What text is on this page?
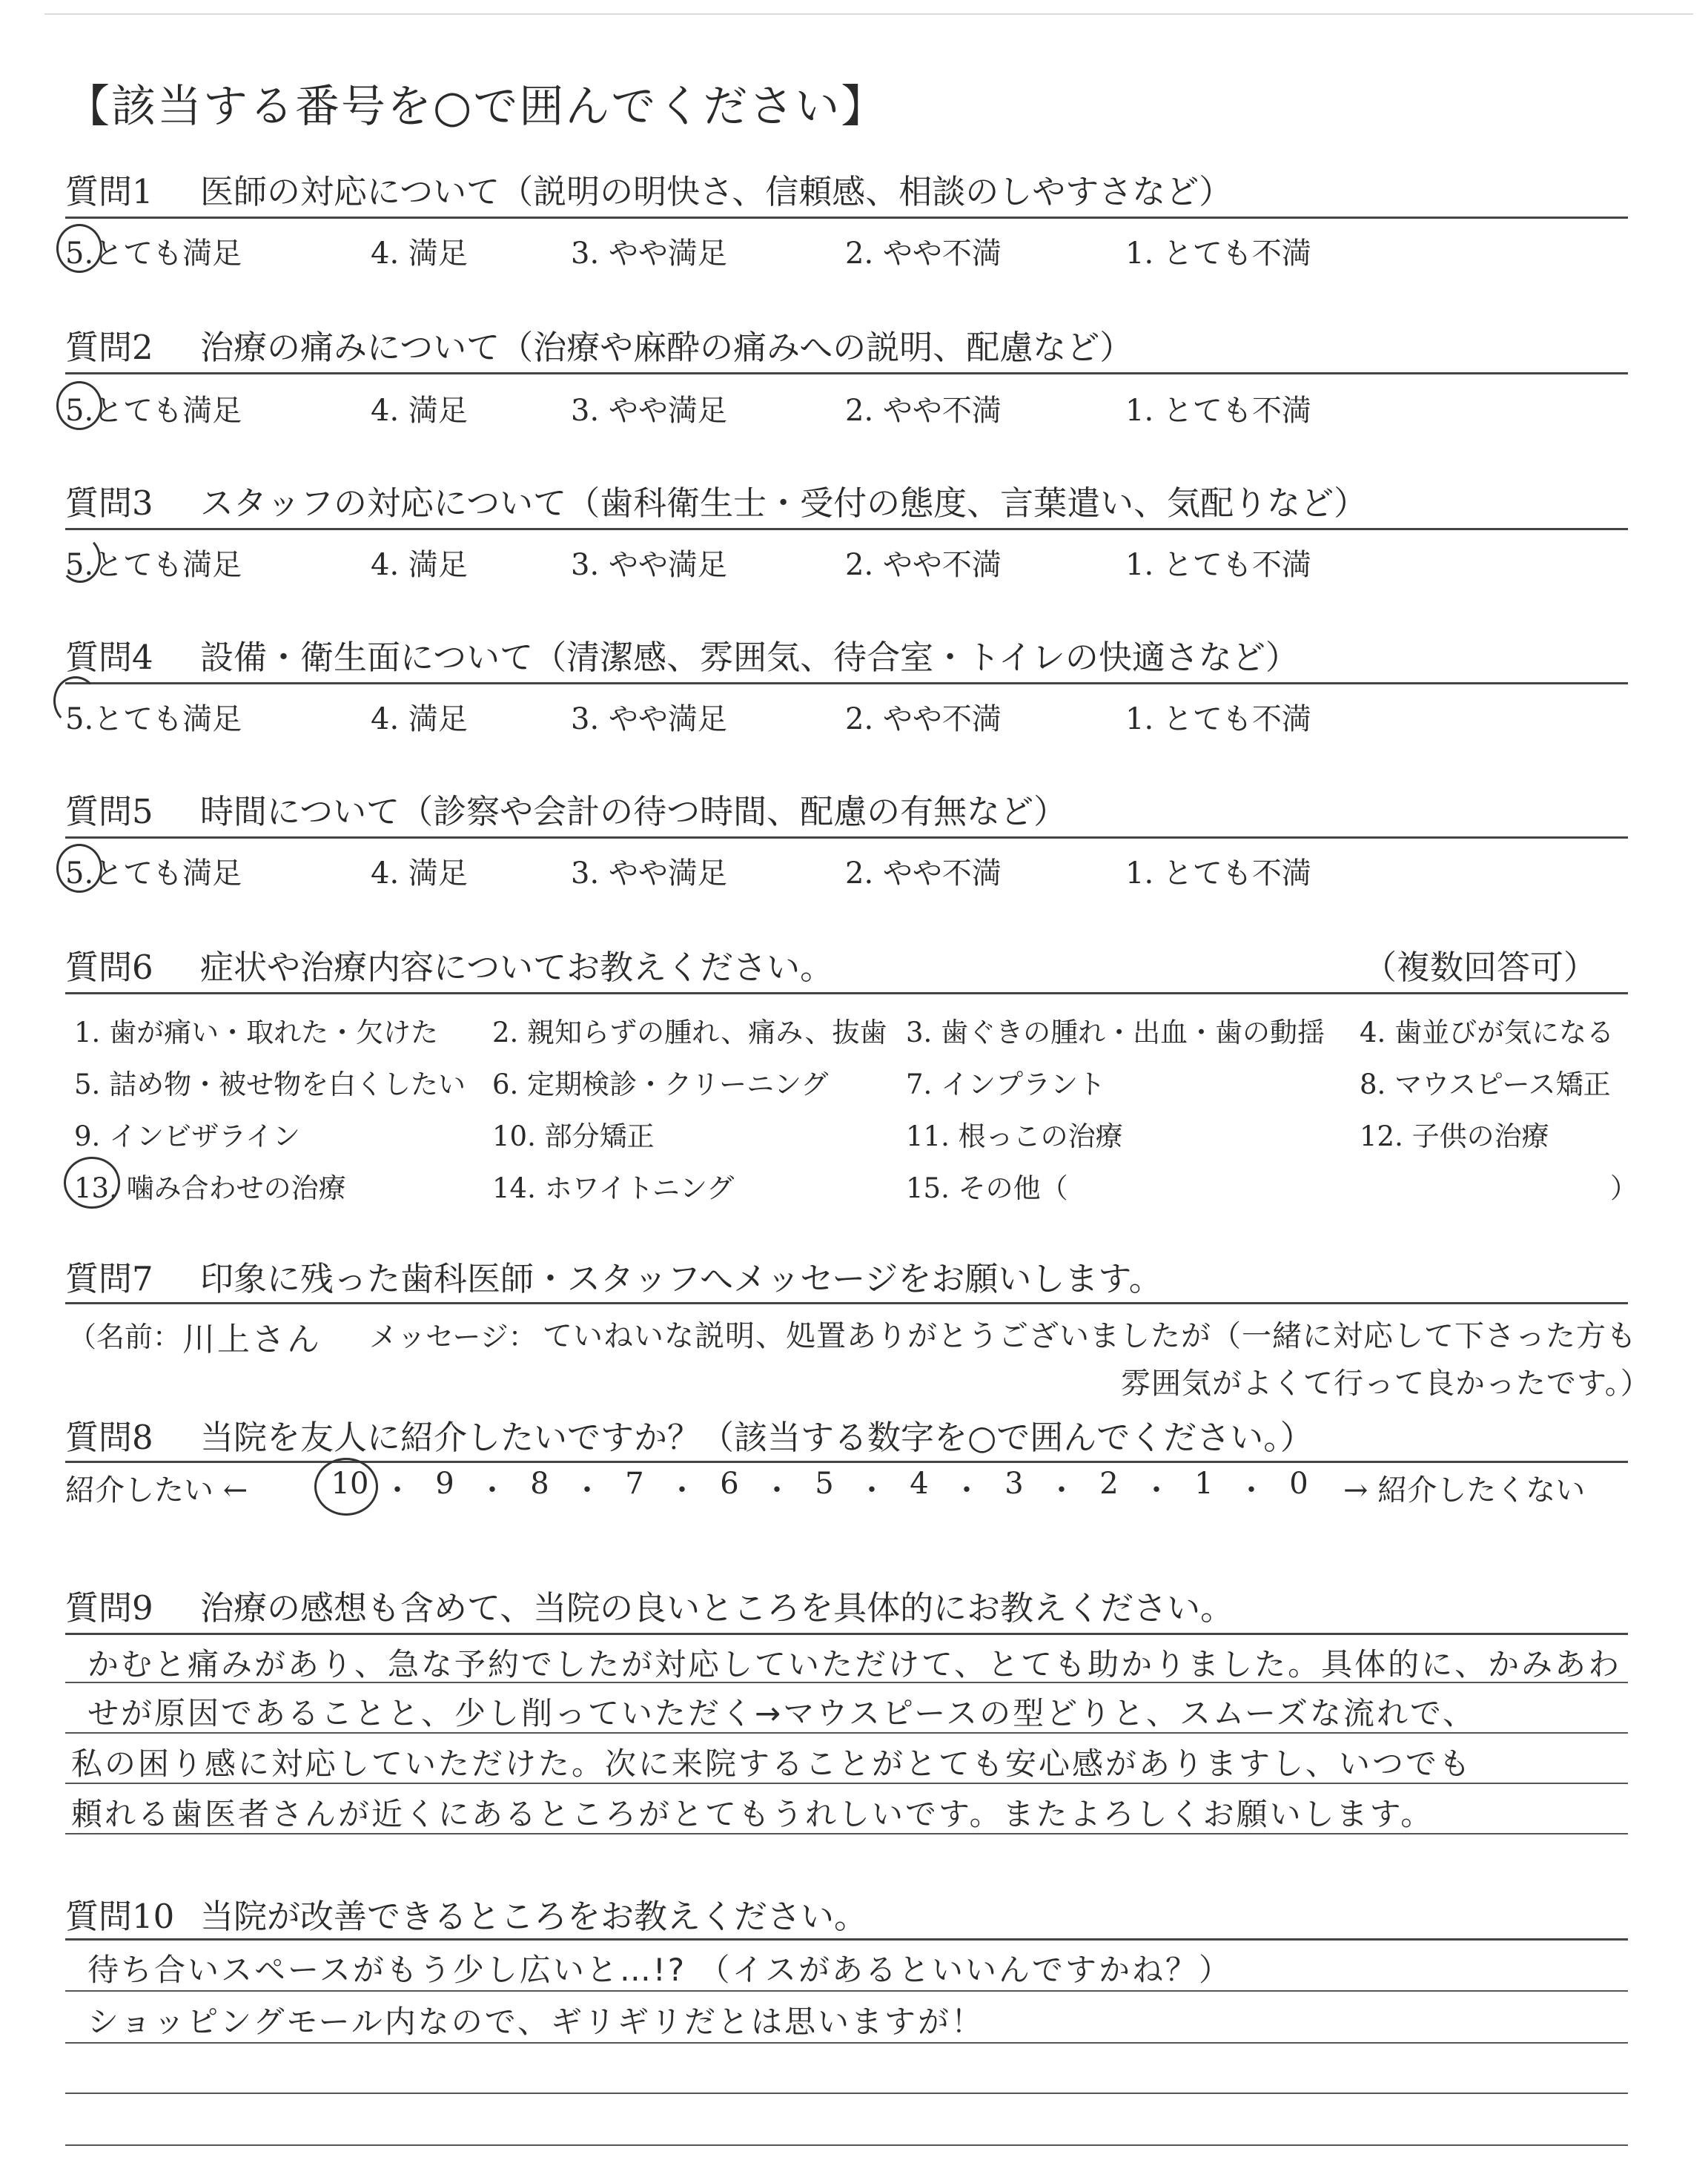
【該当する番号を○で囲んでください】
質問1 医師の対応について（説明の明快さ、信頼感、相談のしやすさなど）
5.とても満足	4. 満足	3. やや満足	2. やや不満	1. とても不満
質問2 治療の痛みについて（治療や麻酔の痛みへの説明、配慮など）
5.とても満足	4. 満足	3. やや満足	2. やや不満	1. とても不満
質問3 スタッフの対応について（歯科衛生士・受付の態度、言葉遣い、気配りなど）
5.とても満足	4. 満足	3. やや満足	2. やや不満	1. とても不満
質問4 設備・衛生面について（清潔感、雰囲気、待合室・トイレの快適さなど）
5.とても満足	4. 満足	3. やや満足	2. やや不満	1. とても不満
質問5 時間について（診察や会計の待つ時間、配慮の有無など）
5.とても満足	4. 満足	3. やや満足	2. やや不満	1. とても不満
質問6 症状や治療内容についてお教えください。	（複数回答可）
1. 歯が痛い・取れた・欠けた 2. 親知らずの腫れ、痛み、抜歯 3. 歯ぐきの腫れ・出血・歯の動揺 4. 歯並びが気になる
5. 詰め物・被せ物を白くしたい 6. 定期検診・クリーニング	7. インプラント	8. マウスピース矯正
9. インビザライン	10. 部分矯正	11. 根っこの治療	12. 子供の治療
13. 噛み合わせの治療	14. ホワイトニング	15. その他（	）
質問7 印象に残った歯科医師・スタッフへメッセージをお願いします。
（名前： 川上さん メッセージ： ていねいな説明、処置ありがとうございましたが（一緒に対応して下さった方も
雰囲気がよくて行って良かったです。）
質問8 当院を友人に紹介したいですか？（該当する数字を○で囲んでください。）
紹介したい ←	10 ・ 9 ・ 8 ・ 7 ・ 6 ・ 5 ・ 4 ・ 3 ・ 2 ・ 1 ・ 0	→ 紹介したくない
質問9 治療の感想も含めて、当院の良いところを具体的にお教えください。
かむと痛みがあり、急な予約でしたが対応していただけて、とても助かりました。具体的に、かみあわ
せが原因であることと、少し削っていただく→マウスピースの型どりと、スムーズな流れで、
私の困り感に対応していただけた。次に来院することがとても安心感がありますし、いつでも
頼れる歯医者さんが近くにあるところがとてもうれしいです。またよろしくお願いします。
質問10 当院が改善できるところをお教えください。
待ち合いスペースがもう少し広いと…!? （イスがあるといいんですかね？）
ショッピングモール内なので、ギリギリだとは思いますが！
